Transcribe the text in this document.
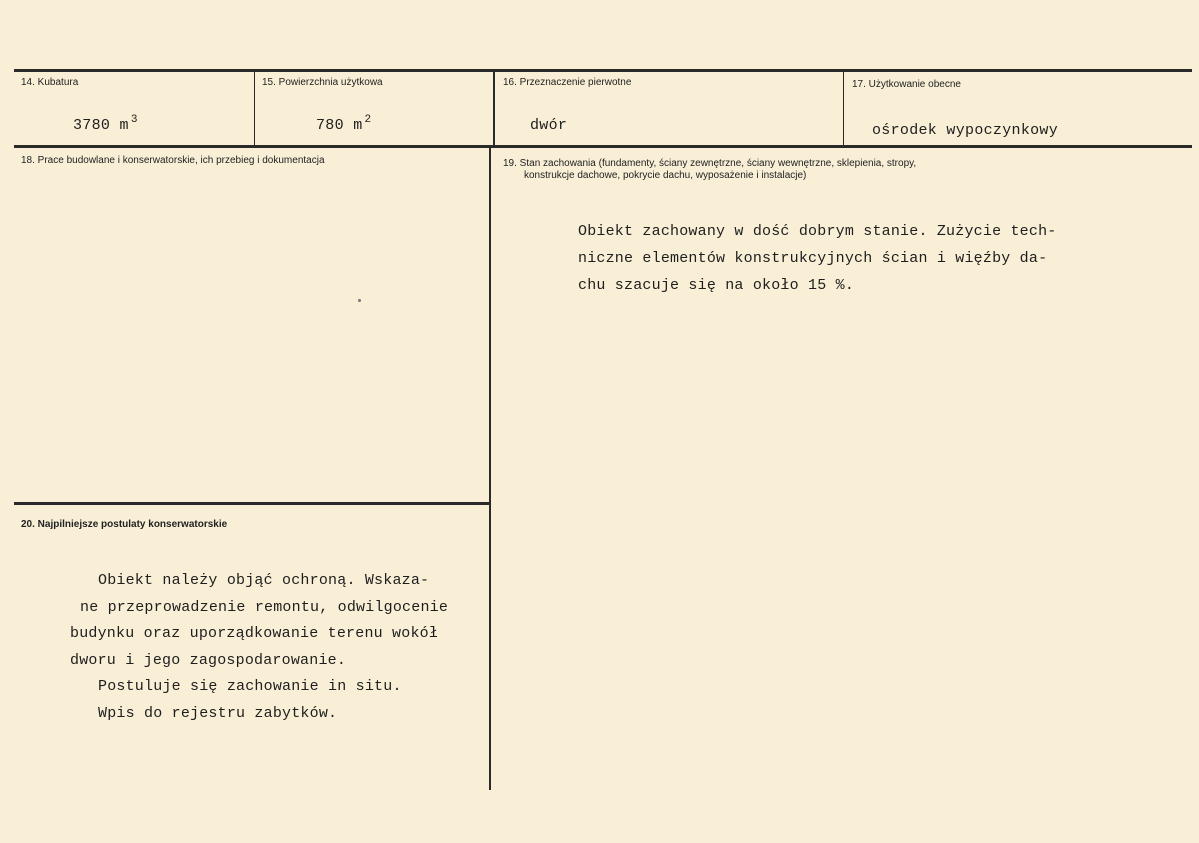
14. Kubatura
3780 m $^3$
15. Powierzchnia użytkowa
780 m $^2$
16. Przeznaczenie pierwotne
dwór
17. Użytkowanie obecne
ośrodek wypoczynkowy
18. Prace budowlane i konserwatorskie, ich przebieg i dokumentacja	19. Stan zachowania (fundamenty, ściany zewnętrzne, ściany wewnętrzne, sklepienia, stropy,
konstrukcje dachowe, pokrycie dachu, wyposażenie i instalacje)
Obiekt zachowany w dość dobrym stanie. Zużycie tech-
niczne elementów konstrukcyjnych ścian i więźby da-
chu szacuje się na około 15 %.
20. Najpilniejsze postulaty konserwatorskie
Obiekt należy objąć ochroną. Wskaza-
ne przeprowadzenie remontu, odwilgocenie
budynku oraz uporządkowanie terenu wokół
dworu i jego zagospodarowanie.
Postuluje się zachowanie in situ.
Wpis do rejestru zabytków.
